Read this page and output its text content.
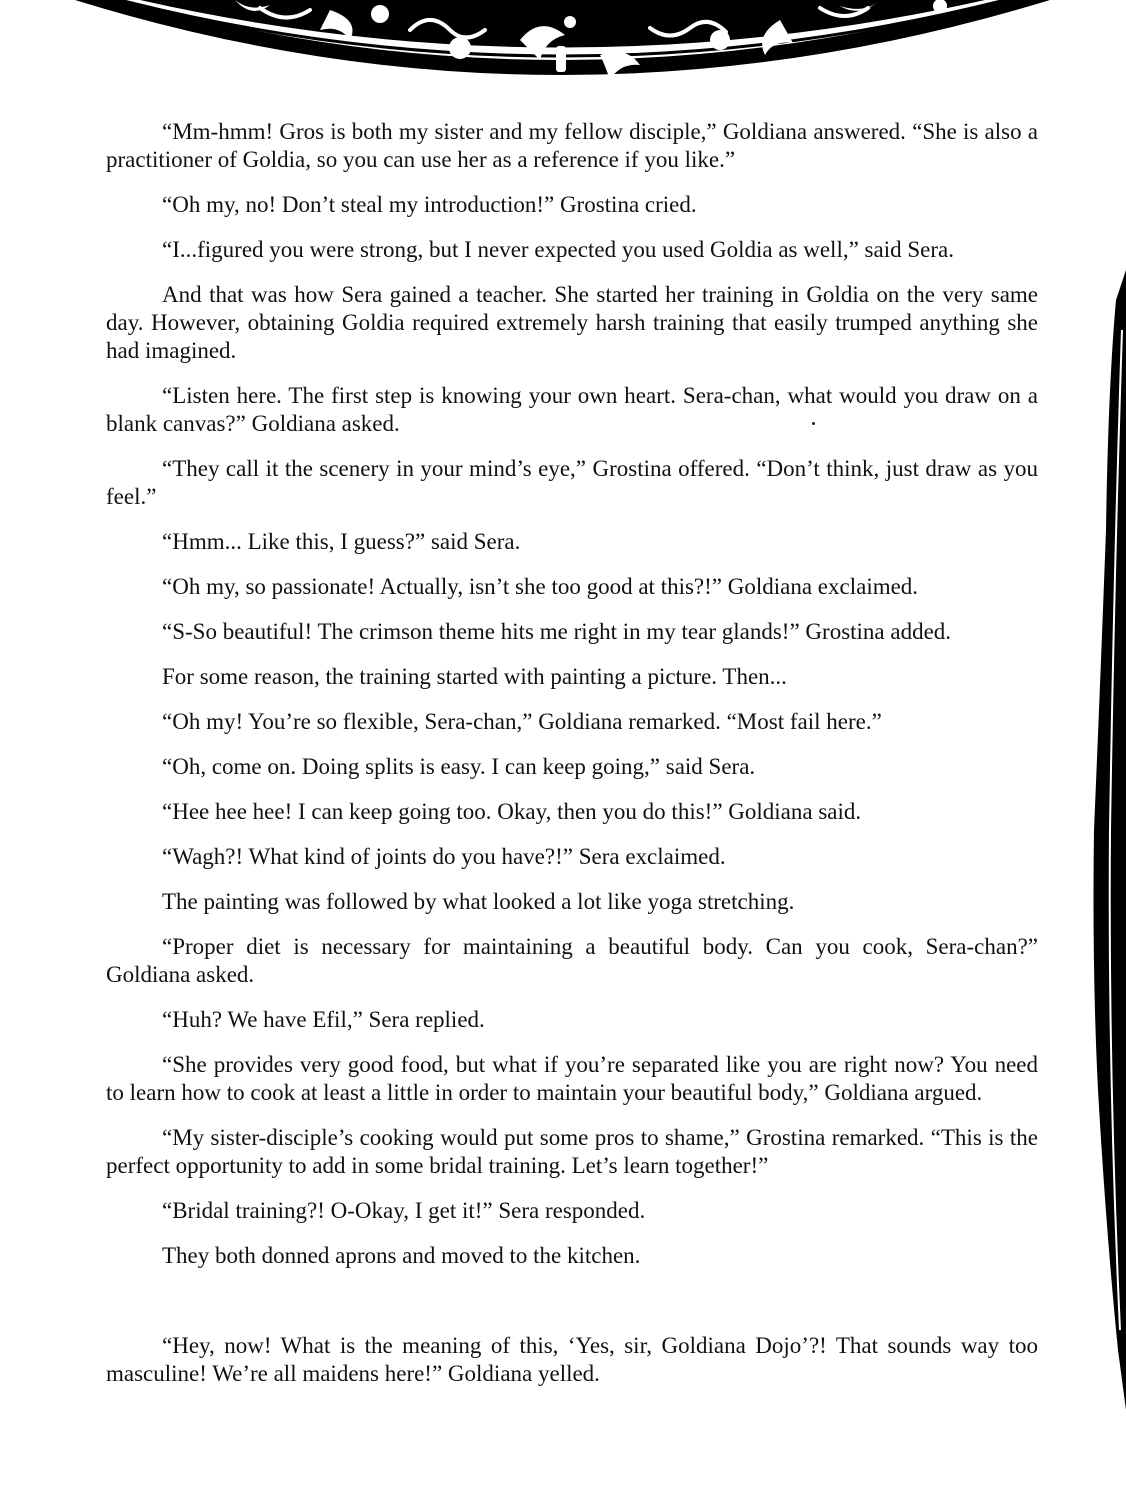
“Mm-hmm! Gros is both my sister and my fellow disciple,” Goldiana answered. “She is also a practitioner of Goldia, so you can use her as a reference if you like.”

“Oh my, no! Don’t steal my introduction!” Grostina cried.

“I...figured you were strong, but I never expected you used Goldia as well,” said Sera.

And that was how Sera gained a teacher. She started her training in Goldia on the very same day. However, obtaining Goldia required extremely harsh training that easily trumped anything she had imagined.

“Listen here. The first step is knowing your own heart. Sera-chan, what would you draw on a blank canvas?” Goldiana asked.

“They call it the scenery in your mind’s eye,” Grostina offered. “Don’t think, just draw as you feel.”

“Hmm... Like this, I guess?” said Sera.

“Oh my, so passionate! Actually, isn’t she too good at this?!” Goldiana exclaimed.

“S-So beautiful! The crimson theme hits me right in my tear glands!” Grostina added.

For some reason, the training started with painting a picture. Then...

“Oh my! You’re so flexible, Sera-chan,” Goldiana remarked. “Most fail here.”

“Oh, come on. Doing splits is easy. I can keep going,” said Sera.

“Hee hee hee! I can keep going too. Okay, then you do this!” Goldiana said.

“Wagh?! What kind of joints do you have?!” Sera exclaimed.

The painting was followed by what looked a lot like yoga stretching.

“Proper diet is necessary for maintaining a beautiful body. Can you cook, Sera-chan?” Goldiana asked.

“Huh? We have Efil,” Sera replied.

“She provides very good food, but what if you’re separated like you are right now? You need to learn how to cook at least a little in order to maintain your beautiful body,” Goldiana argued.

“My sister-disciple’s cooking would put some pros to shame,” Grostina remarked. “This is the perfect opportunity to add in some bridal training. Let’s learn together!”

“Bridal training?! O-Okay, I get it!” Sera responded.

They both donned aprons and moved to the kitchen.

“Hey, now! What is the meaning of this, ‘Yes, sir, Goldiana Dojo’?! That sounds way too masculine! We’re all maidens here!” Goldiana yelled.
